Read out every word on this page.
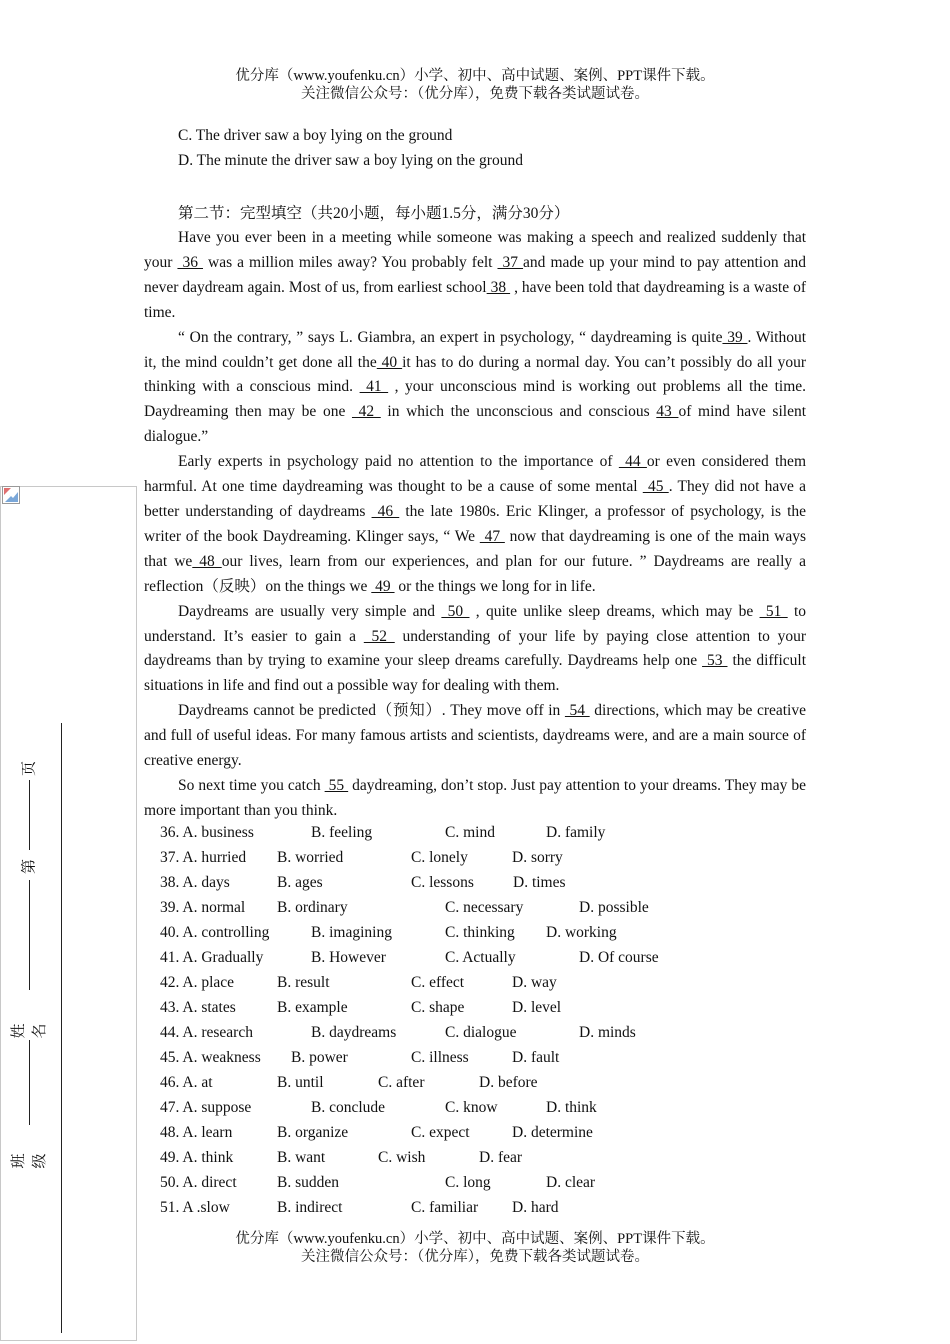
优分库（www.youfenku.cn）小学、初中、高中试题、案例、PPT课件下载。
关注微信公众号：（优分库），免费下载各类试题试卷。
C. The driver saw a boy lying on the ground
D. The minute the driver saw a boy lying on the ground
第二节：完型填空（共20小题，每小题1.5分，满分30分）

Have you ever been in a meeting while someone was making a speech and realized suddenly that your  36  was a million miles away? You probably felt  37 and made up your mind to pay attention and never daydream again. Most of us, from earliest school 38  , have been told that daydreaming is a waste of time.

“ On the contrary, ” says L. Giambra, an expert in psychology, “ daydreaming is quite 39 . Without it, the mind couldn’t get done all the 40 it has to do during a normal day. You can’t possibly do all your thinking with a conscious mind.  41  , your unconscious mind is working out problems all the time. Daydreaming then may be one  42  in which the unconscious and conscious 43 of mind have silent dialogue.”

Early experts in psychology paid no attention to the importance of  44 or even considered them harmful. At one time daydreaming was thought to be a cause of some mental  45 . They did not have a better understanding of daydreams  46  the late 1980s. Eric Klinger, a professor of psychology, is the writer of the book Daydreaming. Klinger says, “ We  47  now that daydreaming is one of the main ways that we 48 our lives, learn from our experiences, and plan for our future. ” Daydreams are really a reflection（反映）on the things we  49  or the things we long for in life.

Daydreams are usually very simple and  50  , quite unlike sleep dreams, which may be  51  to understand. It’s easier to gain a  52  understanding of your life by paying close attention to your daydreams than by trying to examine your sleep dreams carefully. Daydreams help one  53  the difficult situations in life and find out a possible way for dealing with them.

Daydreams cannot be predicted（预知）. They move off in  54  directions, which may be creative and full of useful ideas. For many famous artists and scientists, daydreams were, and are a main source of creative energy.

So next time you catch  55  daydreaming, don’t stop. Just pay attention to your dreams. They may be more important than you think.

36. A. business	B. feeling	C. mind	D. family
37. A. hurried B. worried	C. lonely	D. sorry
38. A. days	B. ages	C. lessons	D. times
39. A. normal B. ordinary	C. necessary	D. possible
40. A. controlling	B. imagining	C. thinking D. working
41. A. Gradually	B. However	C. Actually	D. Of course
42. A. place	B. result	C. effect	D. way
43. A. states	B. example	C. shape	D. level
44. A. research	B. daydreams	C. dialogue	D. minds
45. A. weakness B. power	C. illness	D. fault
46. A. at	B. until	C. after	D. before
47. A. suppose	B. conclude	C. know	D. think
48. A. learn	B. organize	C. expect	D. determine
49. A. think	B. want	C. wish	D. fear
50. A. direct	B. sudden	C. long	D. clear
51. A .slow	B. indirect	C. familiar D. hard
优分库（www.youfenku.cn）小学、初中、高中试题、案例、PPT课件下载。
关注微信公众号：（优分库），免费下载各类试题试卷。
页
第
姓名
班级
